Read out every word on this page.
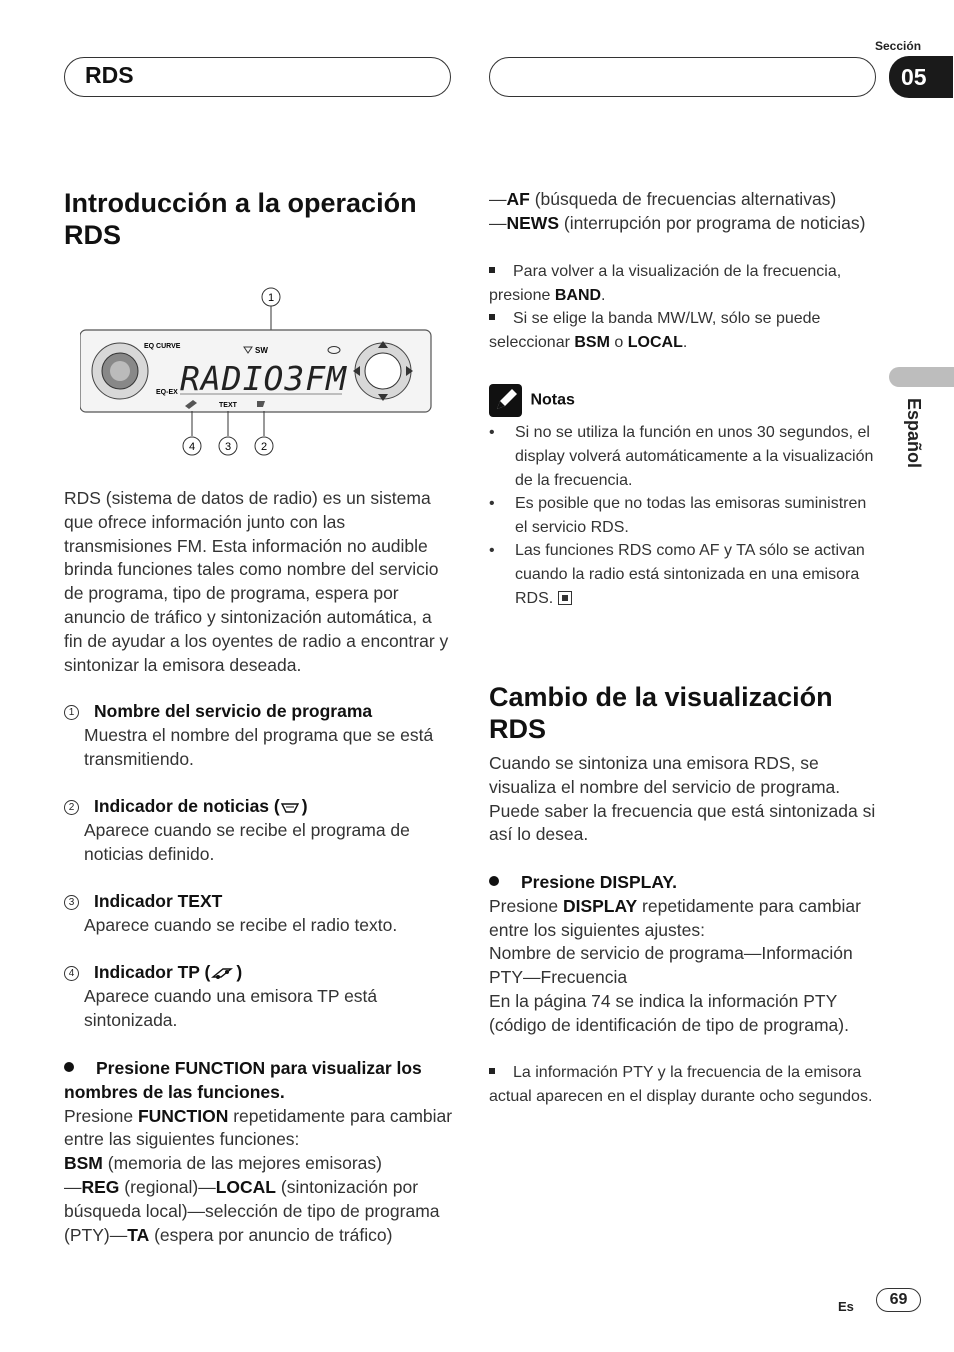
RDS
Sección
05
Español
Introducción a la operación RDS
1
EQ CURVE
EQ-EX
SW
RADIO3FM
TEXT
4	3	2

RDS (sistema de datos de radio) es un sistema que ofrece información junto con las transmisiones FM. Esta información no audible brinda funciones tales como nombre del servicio de programa, tipo de programa, espera por anuncio de tráfico y sintonización automática, a fin de ayudar a los oyentes de radio a encontrar y sintonizar la emisora deseada.

1 Nombre del servicio de programa
Muestra el nombre del programa que se está transmitiendo.
2 Indicador de noticias ( )
Aparece cuando se recibe el programa de noticias definido.
3 Indicador TEXT
Aparece cuando se recibe el radio texto.
4 Indicador TP ( )
Aparece cuando una emisora TP está sintonizada.
Presione FUNCTION para visualizar los nombres de las funciones.
Presione FUNCTION repetidamente para cambiar entre las siguientes funciones:
BSM (memoria de las mejores emisoras)
—REG (regional)—LOCAL (sintonización por búsqueda local)—selección de tipo de programa (PTY)—TA (espera por anuncio de tráfico)
—AF (búsqueda de frecuencias alternativas)
—NEWS (interrupción por programa de noticias)
Para volver a la visualización de la frecuencia, presione BAND.
Si se elige la banda MW/LW, sólo se puede seleccionar BSM o LOCAL.
Notas
• Si no se utiliza la función en unos 30 segundos, el display volverá automáticamente a la visualización de la frecuencia.
• Es posible que no todas las emisoras suministren el servicio RDS.
• Las funciones RDS como AF y TA sólo se activan cuando la radio está sintonizada en una emisora RDS.
Cambio de la visualización RDS

Cuando se sintoniza una emisora RDS, se visualiza el nombre del servicio de programa. Puede saber la frecuencia que está sintonizada si así lo desea.

Presione DISPLAY.
Presione DISPLAY repetidamente para cambiar entre los siguientes ajustes:
Nombre de servicio de programa—Información PTY—Frecuencia
En la página 74 se indica la información PTY (código de identificación de tipo de programa).
La información PTY y la frecuencia de la emisora actual aparecen en el display durante ocho segundos.
Es	69
